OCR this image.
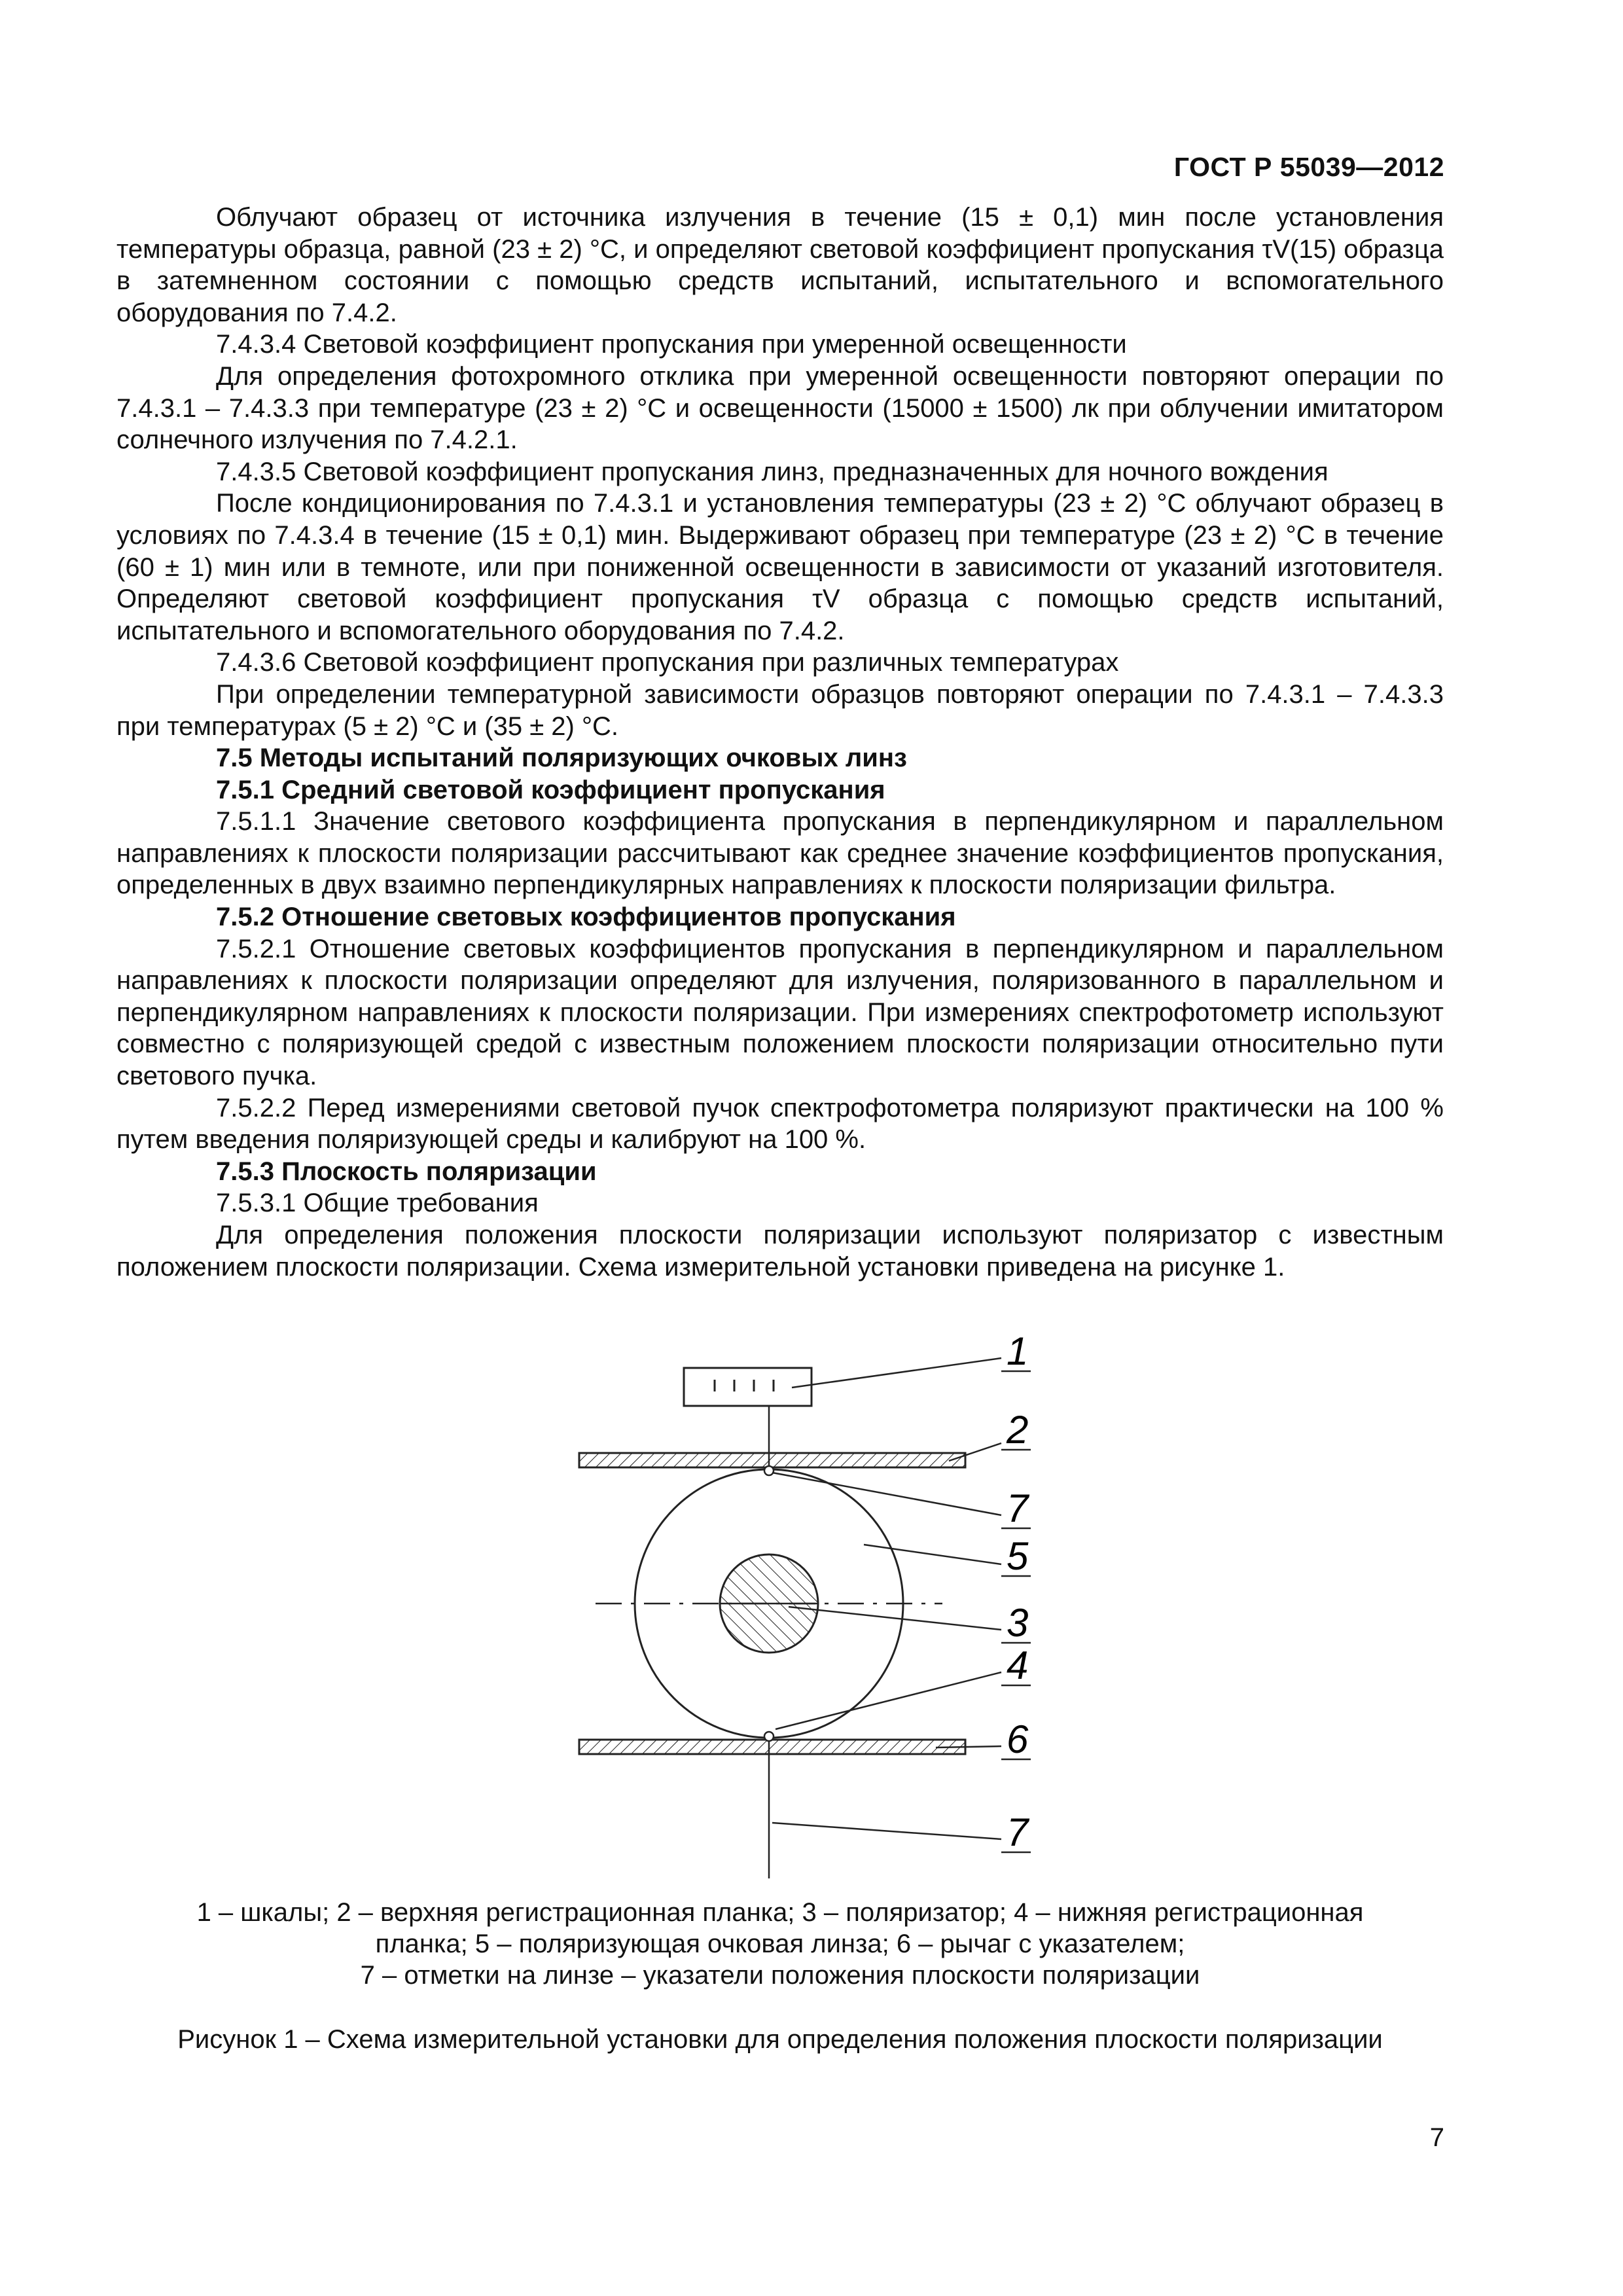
ГОСТ Р 55039—2012

Облучают образец от источника излучения в течение (15 ± 0,1) мин после установления температуры образца, равной (23 ± 2) °С, и определяют световой коэффициент пропускания τV(15) образца в затемненном состоянии с помощью средств испытаний, испытательного и вспомогательного оборудования по 7.4.2.

7.4.3.4 Световой коэффициент пропускания при умеренной освещенности

Для определения фотохромного отклика при умеренной освещенности повторяют операции по 7.4.3.1 – 7.4.3.3 при температуре (23 ± 2) °С и освещенности (15000 ± 1500) лк при облучении имитатором солнечного излучения по 7.4.2.1.

7.4.3.5 Световой коэффициент пропускания линз, предназначенных для ночного вождения

После кондиционирования по 7.4.3.1 и установления температуры (23 ± 2) °С облучают образец в условиях по 7.4.3.4 в течение (15 ± 0,1) мин. Выдерживают образец при температуре (23 ± 2) °С в течение (60 ± 1) мин или в темноте, или при пониженной освещенности в зависимости от указаний изготовителя. Определяют световой коэффициент пропускания τV образца с помощью средств испытаний, испытательного и вспомогательного оборудования по 7.4.2.

7.4.3.6 Световой коэффициент пропускания при различных температурах

При определении температурной зависимости образцов повторяют операции по 7.4.3.1 – 7.4.3.3 при температурах (5 ± 2) °С и (35 ± 2) °С.

7.5 Методы испытаний поляризующих очковых линз

7.5.1 Средний световой коэффициент пропускания

7.5.1.1 Значение светового коэффициента пропускания в перпендикулярном и параллельном направлениях к плоскости поляризации рассчитывают как среднее значение коэффициентов пропускания, определенных в двух взаимно перпендикулярных направлениях к плоскости поляризации фильтра.

7.5.2 Отношение световых коэффициентов пропускания

7.5.2.1 Отношение световых коэффициентов пропускания в перпендикулярном и параллельном направлениях к плоскости поляризации определяют для излучения, поляризованного в параллельном и перпендикулярном направлениях к плоскости поляризации. При измерениях спектрофотометр используют совместно с поляризующей средой с известным положением плоскости поляризации относительно пути светового пучка.

7.5.2.2 Перед измерениями световой пучок спектрофотометра поляризуют практически на 100 % путем введения поляризующей среды и калибруют на 100 %.

7.5.3 Плоскость поляризации

7.5.3.1 Общие требования

Для определения положения плоскости поляризации используют поляризатор с известным положением плоскости поляризации. Схема измерительной установки приведена на рисунке 1.

1
2
7
5
3
4
6
7
1 – шкалы; 2 – верхняя регистрационная планка; 3 – поляризатор; 4 – нижняя регистрационная
планка; 5 – поляризующая очковая линза; 6 – рычаг с указателем;
7 – отметки на линзе – указатели положения плоскости поляризации
Рисунок 1 – Схема измерительной установки для определения положения плоскости поляризации
7
